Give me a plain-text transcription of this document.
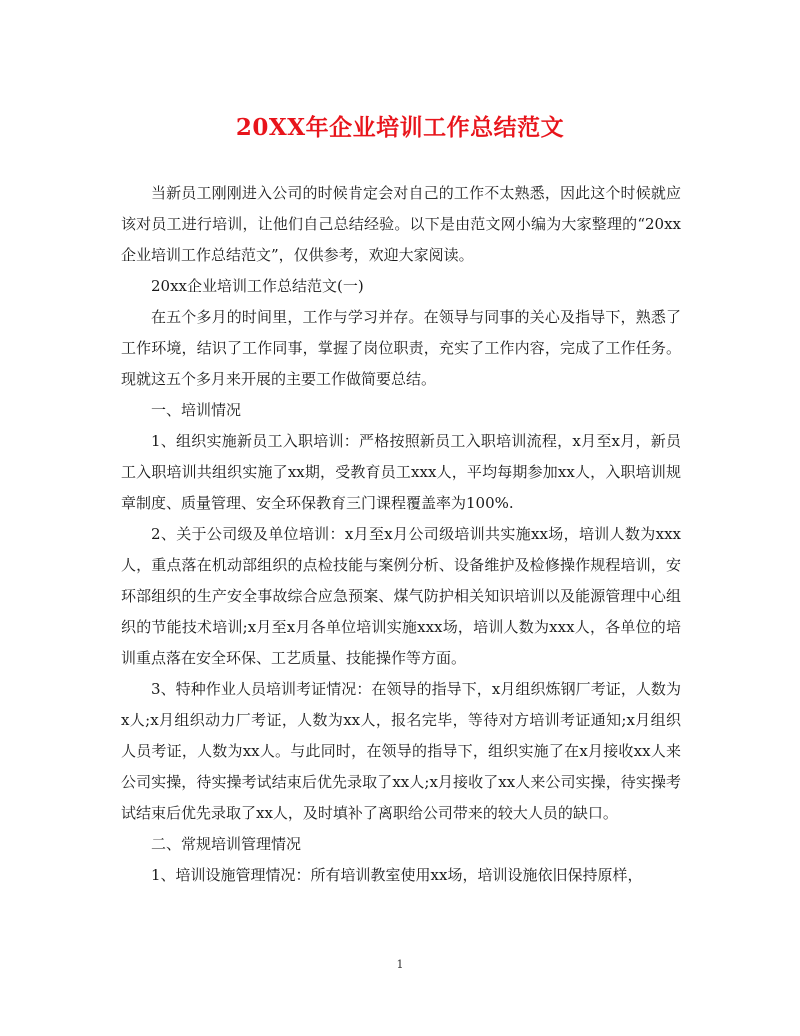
20XX年企业培训工作总结范文

当新员工刚刚进入公司的时候肯定会对自己的工作不太熟悉，因此这个时候就应该对员工进行培训，让他们自己总结经验。以下是由范文网小编为大家整理的“20xx企业培训工作总结范文”，仅供参考，欢迎大家阅读。

20xx企业培训工作总结范文(一)

在五个多月的时间里，工作与学习并存。在领导与同事的关心及指导下，熟悉了工作环境，结识了工作同事，掌握了岗位职责，充实了工作内容，完成了工作任务。现就这五个多月来开展的主要工作做简要总结。

一、培训情况

1、组织实施新员工入职培训：严格按照新员工入职培训流程，x月至x月，新员工入职培训共组织实施了xx期，受教育员工xxx人，平均每期参加xx人，入职培训规章制度、质量管理、安全环保教育三门课程覆盖率为100%.

2、关于公司级及单位培训：x月至x月公司级培训共实施xx场，培训人数为xxx人，重点落在机动部组织的点检技能与案例分析、设备维护及检修操作规程培训，安环部组织的生产安全事故综合应急预案、煤气防护相关知识培训以及能源管理中心组织的节能技术培训;x月至x月各单位培训实施xxx场，培训人数为xxx人，各单位的培训重点落在安全环保、工艺质量、技能操作等方面。

3、特种作业人员培训考证情况：在领导的指导下，x月组织炼钢厂考证，人数为x人;x月组织动力厂考证，人数为xx人，报名完毕，等待对方培训考证通知;x月组织人员考证，人数为xx人。与此同时，在领导的指导下，组织实施了在x月接收xx人来公司实操，待实操考试结束后优先录取了xx人;x月接收了xx人来公司实操，待实操考试结束后优先录取了xx人，及时填补了离职给公司带来的较大人员的缺口。

二、常规培训管理情况

1、培训设施管理情况：所有培训教室使用xx场，培训设施依旧保持原样，

1
